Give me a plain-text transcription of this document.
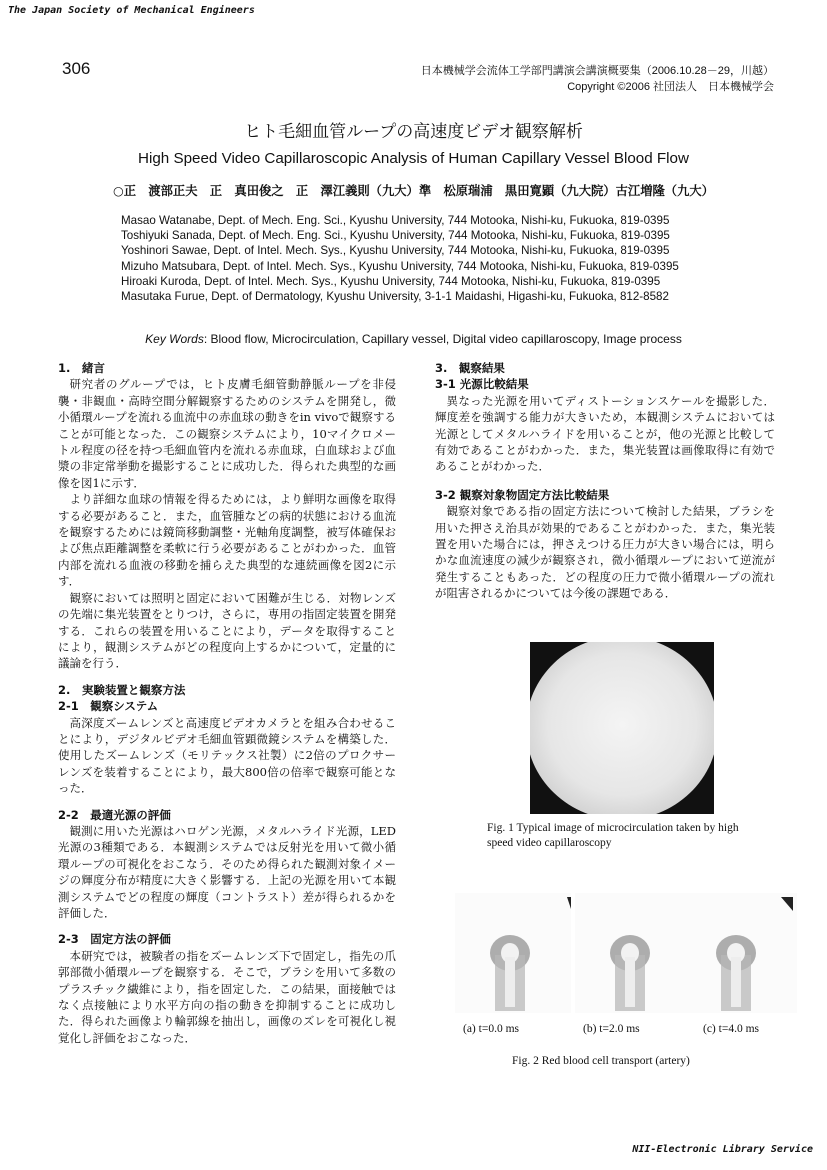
The Japan Society of Mechanical Engineers
306	日本機械学会流体工学部門講演会講演概要集（2006.10.28－29，川越）
Copyright ©2006 社団法人　日本機械学会
ヒト毛細血管ループの高速度ビデオ観察解析
High Speed Video Capillaroscopic Analysis of Human Capillary Vessel Blood Flow
○正　渡部正夫　正　真田俊之　正　澤江義則（九大）準　松原瑞浦　黒田寛顕（九大院）古江増隆（九大）
Masao Watanabe, Dept. of Mech. Eng. Sci., Kyushu University, 744 Motooka, Nishi-ku, Fukuoka, 819-0395
Toshiyuki Sanada, Dept. of Mech. Eng. Sci., Kyushu University, 744 Motooka, Nishi-ku, Fukuoka, 819-0395
Yoshinori Sawae, Dept. of Intel. Mech. Sys., Kyushu University, 744 Motooka, Nishi-ku, Fukuoka, 819-0395
Mizuho Matsubara, Dept. of Intel. Mech. Sys., Kyushu University, 744 Motooka, Nishi-ku, Fukuoka, 819-0395
Hiroaki Kuroda, Dept. of Intel. Mech. Sys., Kyushu University, 744 Motooka, Nishi-ku, Fukuoka, 819-0395
Masutaka Furue, Dept. of Dermatology, Kyushu University, 3-1-1 Maidashi, Higashi-ku, Fukuoka, 812-8582
Key Words: Blood flow, Microcirculation, Capillary vessel, Digital video capillaroscopy, Image process
1.　緒言

研究者のグループでは，ヒト皮膚毛細管動静脈ループを非侵襲・非観血・高時空間分解観察するためのシステムを開発し，微小循環ループを流れる血流中の赤血球の動きをin vivoで観察することが可能となった．この観察システムにより，10マイクロメートル程度の径を持つ毛細血管内を流れる赤血球，白血球および血漿の非定常挙動を撮影することに成功した．得られた典型的な画像を図1に示す．

より詳細な血球の情報を得るためには，より鮮明な画像を取得する必要があること．また，血管腫などの病的状態における血流を観察するためには鏡筒移動調整・光軸角度調整，被写体確保および焦点距離調整を柔軟に行う必要があることがわかった．血管内部を流れる血液の移動を捕らえた典型的な連続画像を図2に示す．

観察においては照明と固定において困難が生じる．対物レンズの先端に集光装置をとりつけ，さらに，専用の指固定装置を開発する．これらの装置を用いることにより，データを取得することにより，観測システムがどの程度向上するかについて，定量的に議論を行う．

2.　実験装置と観察方法
2-1　観察システム

高深度ズームレンズと高速度ビデオカメラとを組み合わせることにより，デジタルビデオ毛細血管顕微鏡システムを構築した．使用したズームレンズ（モリテックス社製）に2倍のプロクサーレンズを装着することにより，最大800倍の倍率で観察可能となった．

2-2　最適光源の評価

観測に用いた光源はハロゲン光源，メタルハライド光源，LED光源の3種類である．本観測システムでは反射光を用いて微小循環ループの可視化をおこなう．そのため得られた観測対象イメージの輝度分布が精度に大きく影響する．上記の光源を用いて本観測システムでどの程度の輝度（コントラスト）差が得られるかを評価した．

2-3　固定方法の評価

本研究では，被験者の指をズームレンズ下で固定し，指先の爪郭部微小循環ループを観察する．そこで，ブラシを用いて多数のプラスチック繊維により，指を固定した．この結果，面接触ではなく点接触により水平方向の指の動きを抑制することに成功した．得られた画像より輪郭線を抽出し，画像のズレを可視化し視覚化し評価をおこなった．

3.　観察結果
3-1 光源比較結果

異なった光源を用いてディストーションスケールを撮影した．輝度差を強調する能力が大きいため，本観測システムにおいては光源としてメタルハライドを用いることが，他の光源と比較して有効であることがわかった．また，集光装置は画像取得に有効であることがわかった．

3-2 観察対象物固定方法比較結果

観察対象である指の固定方法について検討した結果，ブラシを用いた押さえ治具が効果的であることがわかった．また，集光装置を用いた場合には，押さえつける圧力が大きい場合には，明らかな血流速度の減少が観察され，微小循環ループにおいて逆流が発生することもあった．どの程度の圧力で微小循環ループの流れが阻害されるかについては今後の課題である．

Fig. 1 Typical image of microcirculation taken by high speed video capillaroscopy
(a) t=0.0 ms	(b) t=2.0 ms	(c) t=4.0 ms
Fig. 2 Red blood cell transport (artery)
NII-Electronic Library Service
